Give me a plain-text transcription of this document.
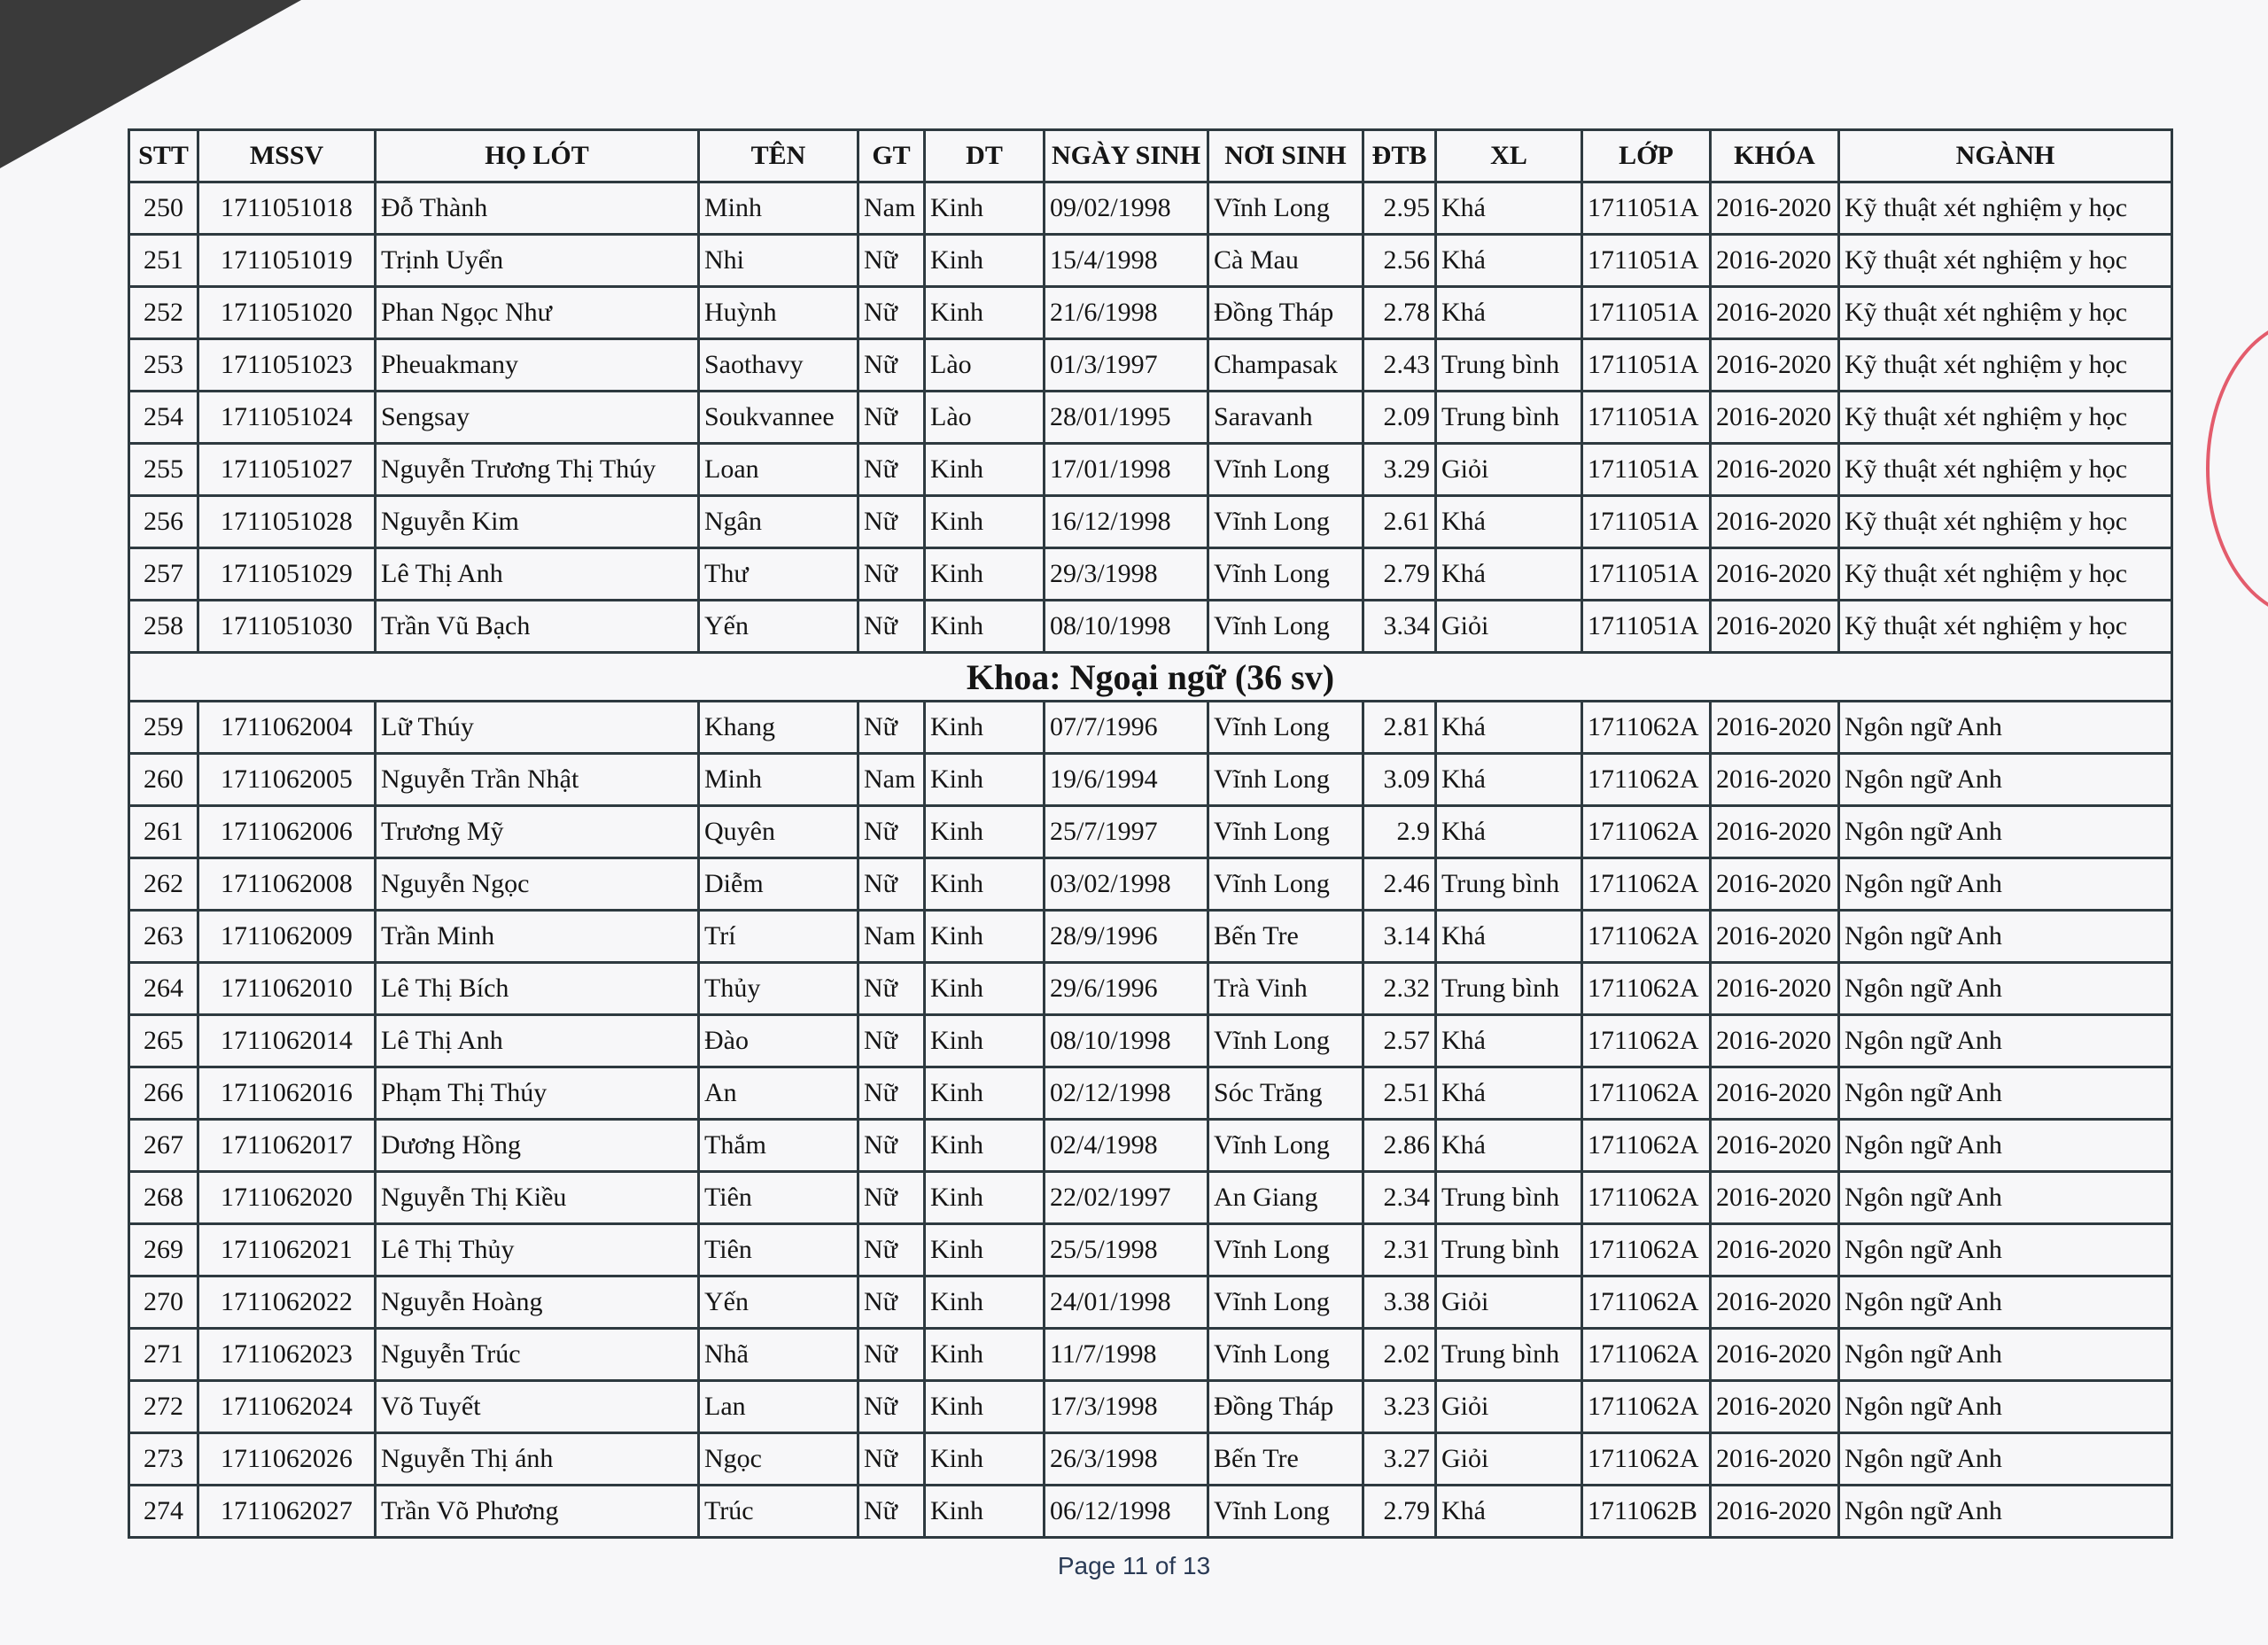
STT	MSSV	HỌ LÓT	TÊN	GT	DT	NGÀY SINH	NƠI SINH	ĐTB	XL	LỚP	KHÓA	NGÀNH
250	1711051018	Đỗ Thành	Minh	Nam	Kinh	09/02/1998	Vĩnh Long	2.95	Khá	1711051A	2016-2020	Kỹ thuật xét nghiệm y học
251	1711051019	Trịnh Uyển	Nhi	Nữ	Kinh	15/4/1998	Cà Mau	2.56	Khá	1711051A	2016-2020	Kỹ thuật xét nghiệm y học
252	1711051020	Phan Ngọc Như	Huỳnh	Nữ	Kinh	21/6/1998	Đồng Tháp	2.78	Khá	1711051A	2016-2020	Kỹ thuật xét nghiệm y học
253	1711051023	Pheuakmany	Saothavy	Nữ	Lào	01/3/1997	Champasak	2.43	Trung bình	1711051A	2016-2020	Kỹ thuật xét nghiệm y học
254	1711051024	Sengsay	Soukvannee	Nữ	Lào	28/01/1995	Saravanh	2.09	Trung bình	1711051A	2016-2020	Kỹ thuật xét nghiệm y học
255	1711051027	Nguyễn Trương Thị Thúy	Loan	Nữ	Kinh	17/01/1998	Vĩnh Long	3.29	Giỏi	1711051A	2016-2020	Kỹ thuật xét nghiệm y học
256	1711051028	Nguyễn Kim	Ngân	Nữ	Kinh	16/12/1998	Vĩnh Long	2.61	Khá	1711051A	2016-2020	Kỹ thuật xét nghiệm y học
257	1711051029	Lê Thị Anh	Thư	Nữ	Kinh	29/3/1998	Vĩnh Long	2.79	Khá	1711051A	2016-2020	Kỹ thuật xét nghiệm y học
258	1711051030	Trần Vũ Bạch	Yến	Nữ	Kinh	08/10/1998	Vĩnh Long	3.34	Giỏi	1711051A	2016-2020	Kỹ thuật xét nghiệm y học
Khoa: Ngoại ngữ (36 sv)												
259	1711062004	Lữ Thúy	Khang	Nữ	Kinh	07/7/1996	Vĩnh Long	2.81	Khá	1711062A	2016-2020	Ngôn ngữ Anh
260	1711062005	Nguyễn Trần Nhật	Minh	Nam	Kinh	19/6/1994	Vĩnh Long	3.09	Khá	1711062A	2016-2020	Ngôn ngữ Anh
261	1711062006	Trương Mỹ	Quyên	Nữ	Kinh	25/7/1997	Vĩnh Long	2.9	Khá	1711062A	2016-2020	Ngôn ngữ Anh
262	1711062008	Nguyễn Ngọc	Diễm	Nữ	Kinh	03/02/1998	Vĩnh Long	2.46	Trung bình	1711062A	2016-2020	Ngôn ngữ Anh
263	1711062009	Trần Minh	Trí	Nam	Kinh	28/9/1996	Bến Tre	3.14	Khá	1711062A	2016-2020	Ngôn ngữ Anh
264	1711062010	Lê Thị Bích	Thủy	Nữ	Kinh	29/6/1996	Trà Vinh	2.32	Trung bình	1711062A	2016-2020	Ngôn ngữ Anh
265	1711062014	Lê Thị Anh	Đào	Nữ	Kinh	08/10/1998	Vĩnh Long	2.57	Khá	1711062A	2016-2020	Ngôn ngữ Anh
266	1711062016	Phạm Thị Thúy	An	Nữ	Kinh	02/12/1998	Sóc Trăng	2.51	Khá	1711062A	2016-2020	Ngôn ngữ Anh
267	1711062017	Dương Hồng	Thắm	Nữ	Kinh	02/4/1998	Vĩnh Long	2.86	Khá	1711062A	2016-2020	Ngôn ngữ Anh
268	1711062020	Nguyễn Thị Kiều	Tiên	Nữ	Kinh	22/02/1997	An Giang	2.34	Trung bình	1711062A	2016-2020	Ngôn ngữ Anh
269	1711062021	Lê Thị Thủy	Tiên	Nữ	Kinh	25/5/1998	Vĩnh Long	2.31	Trung bình	1711062A	2016-2020	Ngôn ngữ Anh
270	1711062022	Nguyễn Hoàng	Yến	Nữ	Kinh	24/01/1998	Vĩnh Long	3.38	Giỏi	1711062A	2016-2020	Ngôn ngữ Anh
271	1711062023	Nguyễn Trúc	Nhã	Nữ	Kinh	11/7/1998	Vĩnh Long	2.02	Trung bình	1711062A	2016-2020	Ngôn ngữ Anh
272	1711062024	Võ Tuyết	Lan	Nữ	Kinh	17/3/1998	Đồng Tháp	3.23	Giỏi	1711062A	2016-2020	Ngôn ngữ Anh
273	1711062026	Nguyễn Thị ánh	Ngọc	Nữ	Kinh	26/3/1998	Bến Tre	3.27	Giỏi	1711062A	2016-2020	Ngôn ngữ Anh
274	1711062027	Trần Võ Phương	Trúc	Nữ	Kinh	06/12/1998	Vĩnh Long	2.79	Khá	1711062B	2016-2020	Ngôn ngữ Anh
Page 11 of 13
